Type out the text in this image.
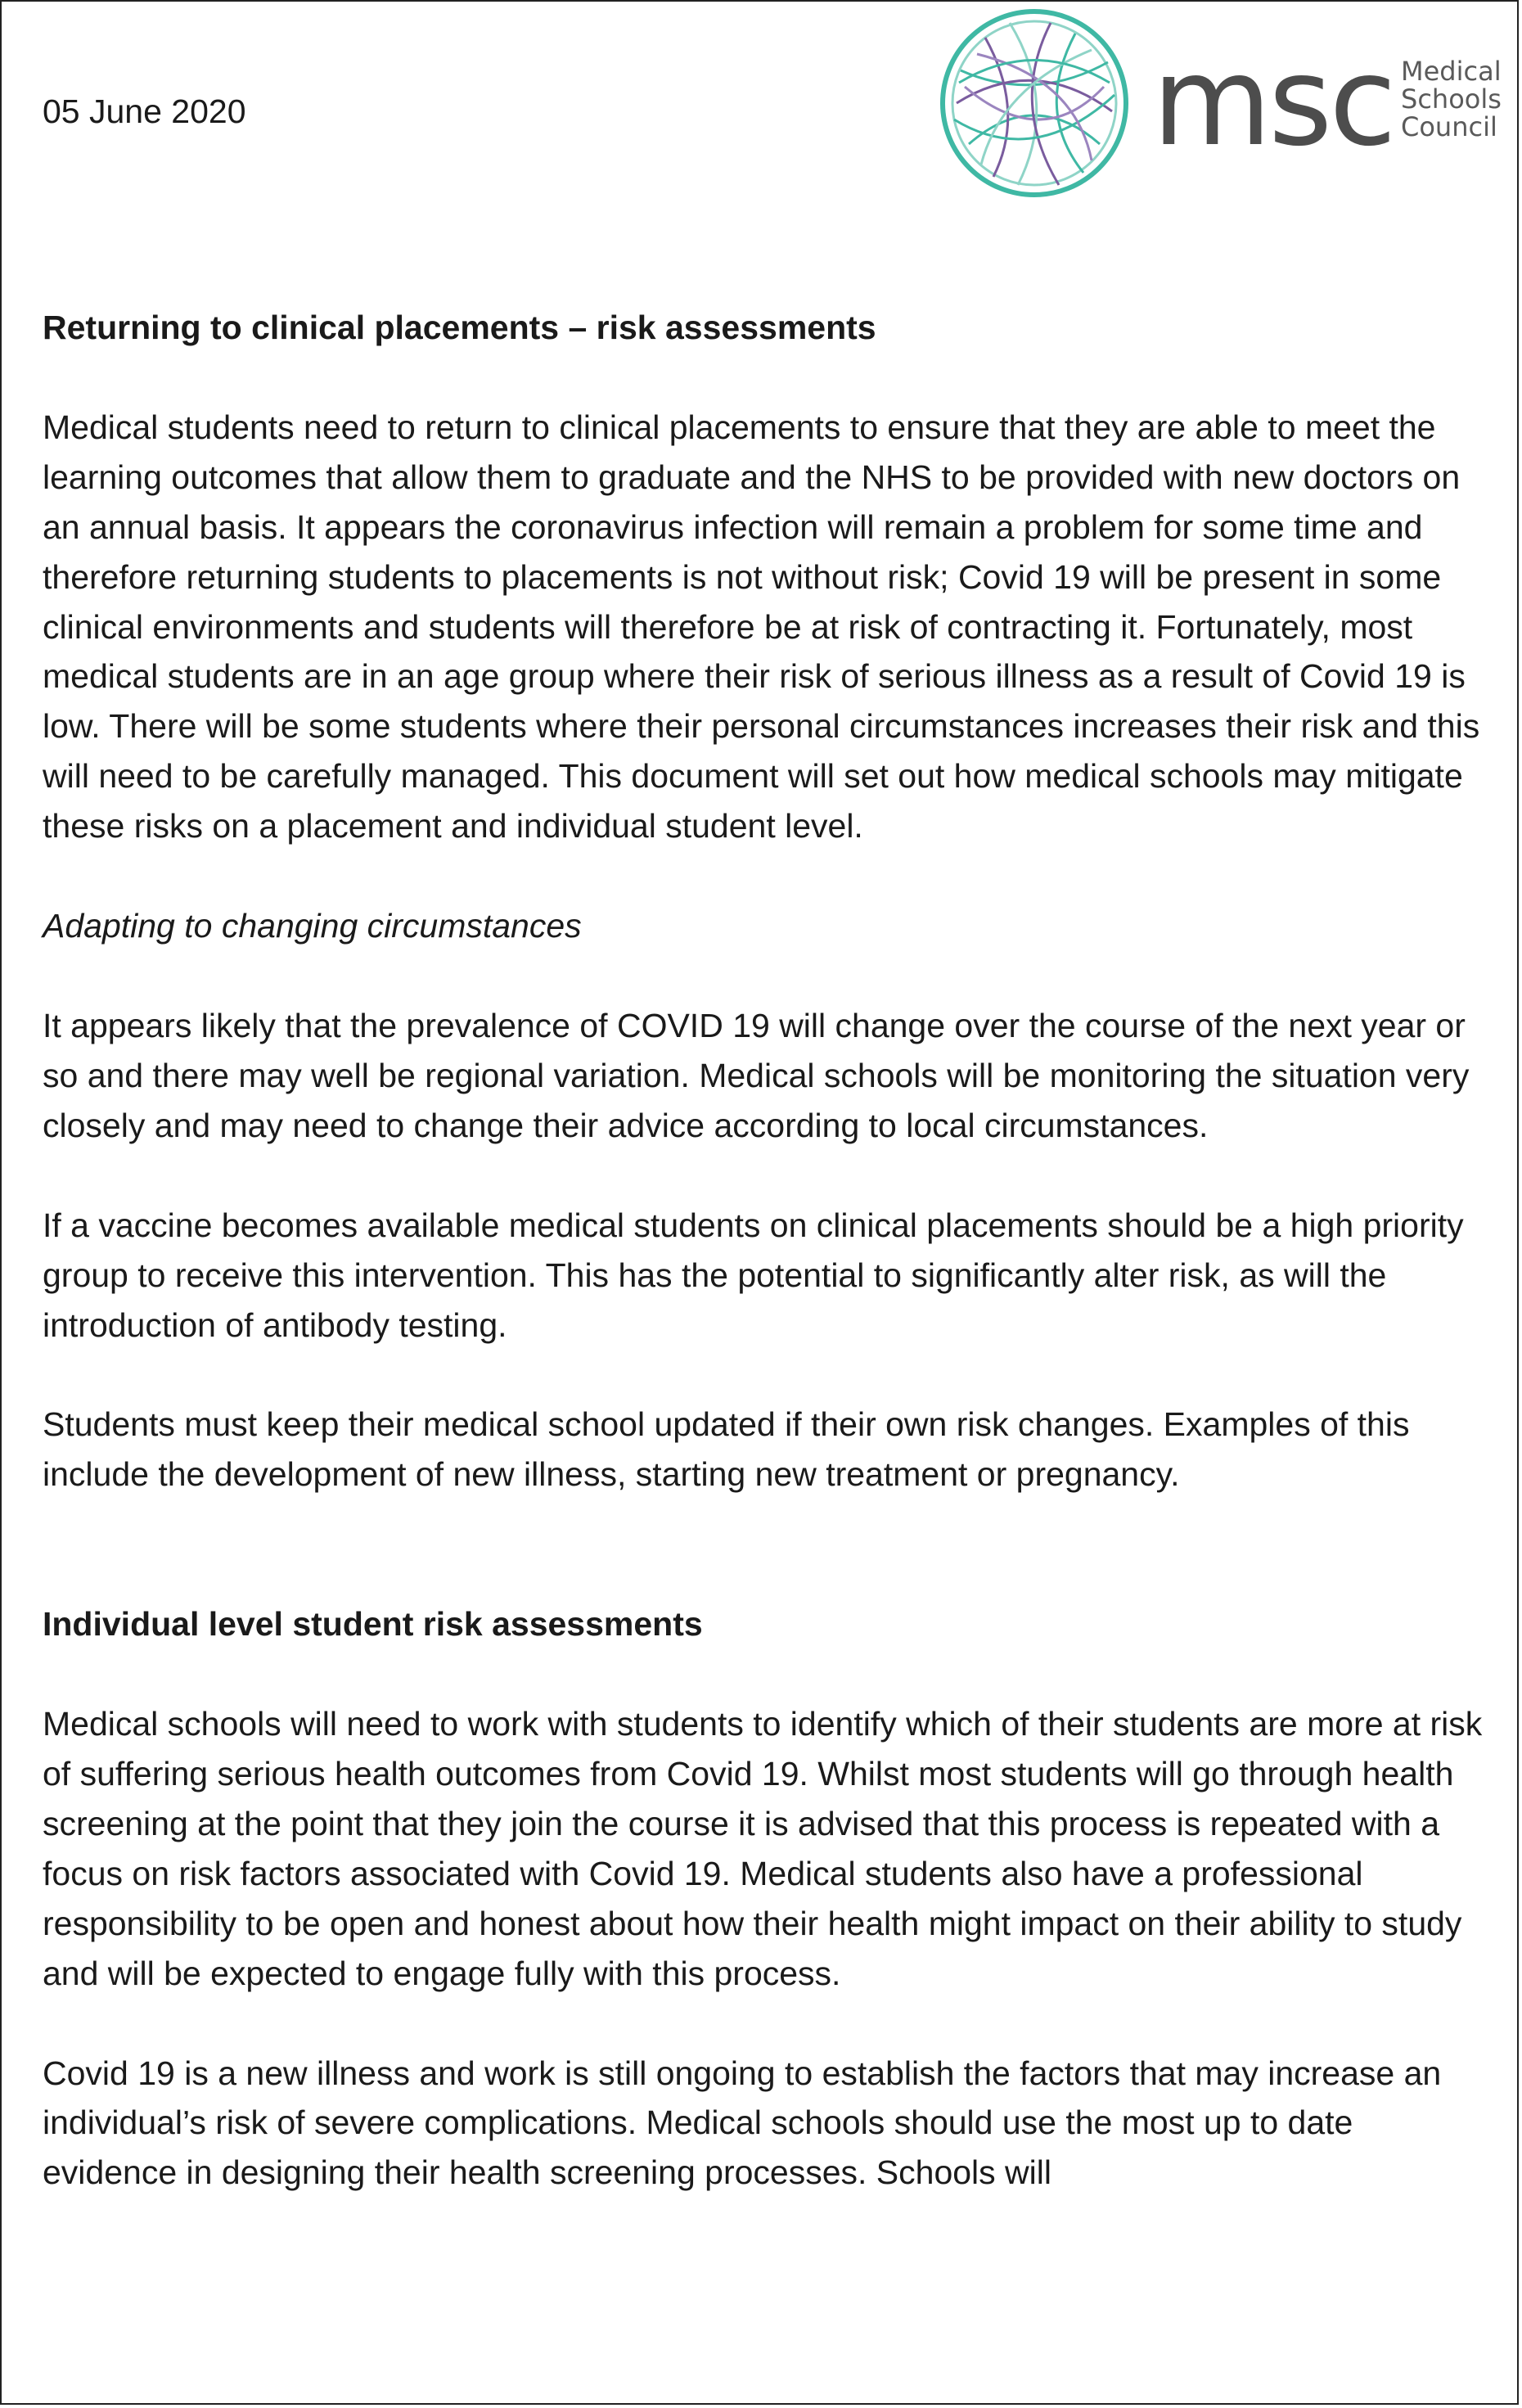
05 June 2020	msc Medical
Schools
Council
Returning to clinical placements – risk assessments

Medical students need to return to clinical placements to ensure that they are able to meet the learning outcomes that allow them to graduate and the NHS to be provided with new doctors on an annual basis. It appears the coronavirus infection will remain a problem for some time and therefore returning students to placements is not without risk; Covid 19 will be present in some clinical environments and students will therefore be at risk of contracting it. Fortunately, most medical students are in an age group where their risk of serious illness as a result of Covid 19 is low. There will be some students where their personal circumstances increases their risk and this will need to be carefully managed. This document will set out how medical schools may mitigate these risks on a placement and individual student level.

Adapting to changing circumstances

It appears likely that the prevalence of COVID 19 will change over the course of the next year or so and there may well be regional variation. Medical schools will be monitoring the situation very closely and may need to change their advice according to local circumstances.

If a vaccine becomes available medical students on clinical placements should be a high priority group to receive this intervention. This has the potential to significantly alter risk, as will the introduction of antibody testing.

Students must keep their medical school updated if their own risk changes. Examples of this include the development of new illness, starting new treatment or pregnancy.

Individual level student risk assessments

Medical schools will need to work with students to identify which of their students are more at risk of suffering serious health outcomes from Covid 19. Whilst most students will go through health screening at the point that they join the course it is advised that this process is repeated with a focus on risk factors associated with Covid 19. Medical students also have a professional responsibility to be open and honest about how their health might impact on their ability to study and will be expected to engage fully with this process.

Covid 19 is a new illness and work is still ongoing to establish the factors that may increase an individual’s risk of severe complications. Medical schools should use the most up to date evidence in designing their health screening processes. Schools will
